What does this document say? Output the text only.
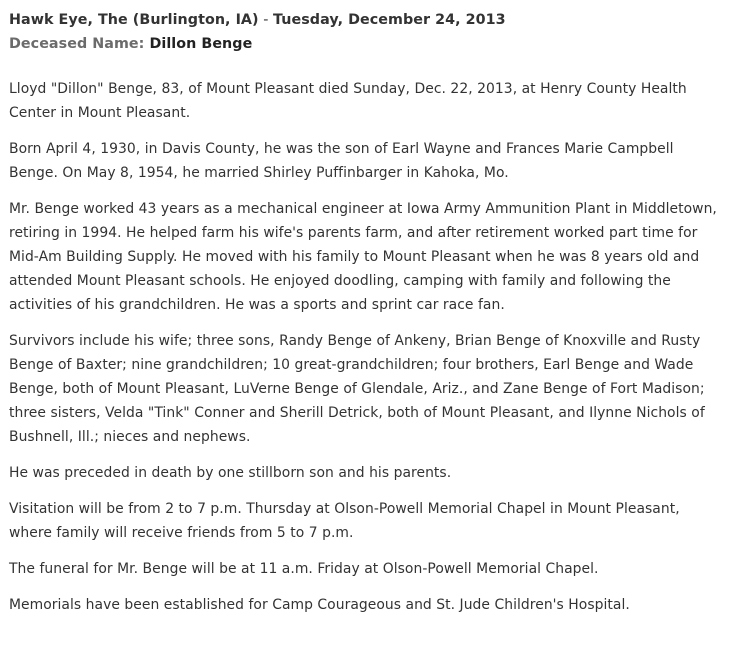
Hawk Eye, The (Burlington, IA) - Tuesday, December 24, 2013
Deceased Name: Dillon Benge

Lloyd "Dillon" Benge, 83, of Mount Pleasant died Sunday, Dec. 22, 2013, at Henry County Health Center in Mount Pleasant.

Born April 4, 1930, in Davis County, he was the son of Earl Wayne and Frances Marie Campbell Benge. On May 8, 1954, he married Shirley Puffinbarger in Kahoka, Mo.

Mr. Benge worked 43 years as a mechanical engineer at Iowa Army Ammunition Plant in Middletown, retiring in 1994. He helped farm his wife's parents farm, and after retirement worked part time for Mid-Am Building Supply. He moved with his family to Mount Pleasant when he was 8 years old and attended Mount Pleasant schools. He enjoyed doodling, camping with family and following the activities of his grandchildren. He was a sports and sprint car race fan.

Survivors include his wife; three sons, Randy Benge of Ankeny, Brian Benge of Knoxville and Rusty Benge of Baxter; nine grandchildren; 10 great-grandchildren; four brothers, Earl Benge and Wade Benge, both of Mount Pleasant, LuVerne Benge of Glendale, Ariz., and Zane Benge of Fort Madison; three sisters, Velda "Tink" Conner and Sherill Detrick, both of Mount Pleasant, and Ilynne Nichols of Bushnell, Ill.; nieces and nephews.

He was preceded in death by one stillborn son and his parents.

Visitation will be from 2 to 7 p.m. Thursday at Olson-Powell Memorial Chapel in Mount Pleasant, where family will receive friends from 5 to 7 p.m.

The funeral for Mr. Benge will be at 11 a.m. Friday at Olson-Powell Memorial Chapel.

Memorials have been established for Camp Courageous and St. Jude Children's Hospital.
